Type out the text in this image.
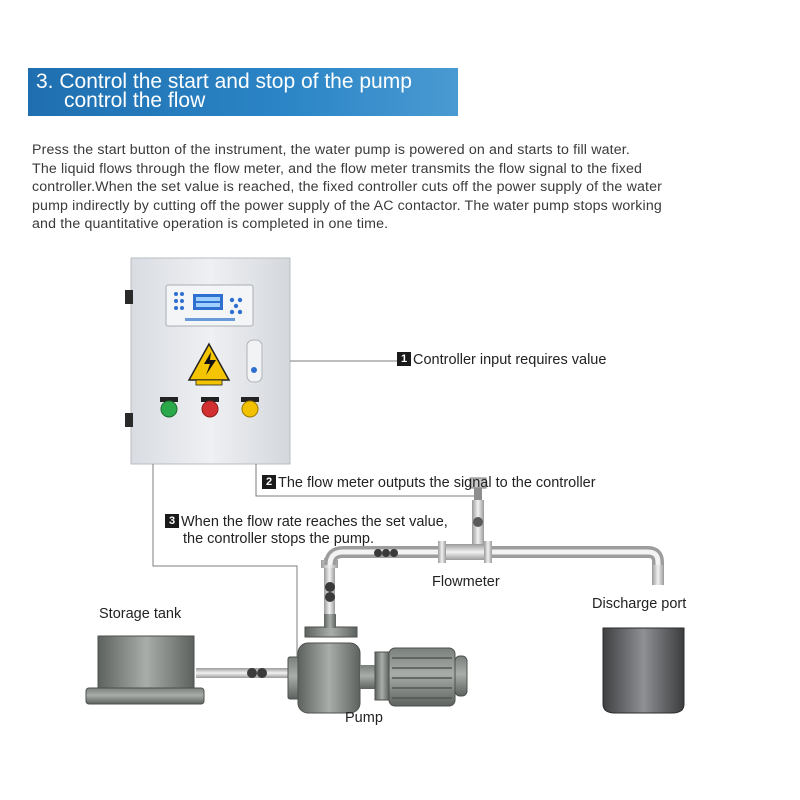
3. Control the start and stop of the pump
control the flow
Press the start button of the instrument, the water pump is powered on and starts to fill water.
The liquid flows through the flow meter, and the flow meter transmits the flow signal to the fixed
controller.When the set value is reached, the fixed controller cuts off the power supply of the water
pump indirectly by cutting off the power supply of the AC contactor. The water pump stops working
and the quantitative operation is completed in one time.
1 Controller input requires value
2 The flow meter outputs the signal to the controller
3 When the flow rate reaches the set value,
the controller stops the pump.
Storage tank
Pump
Flowmeter
Discharge port
